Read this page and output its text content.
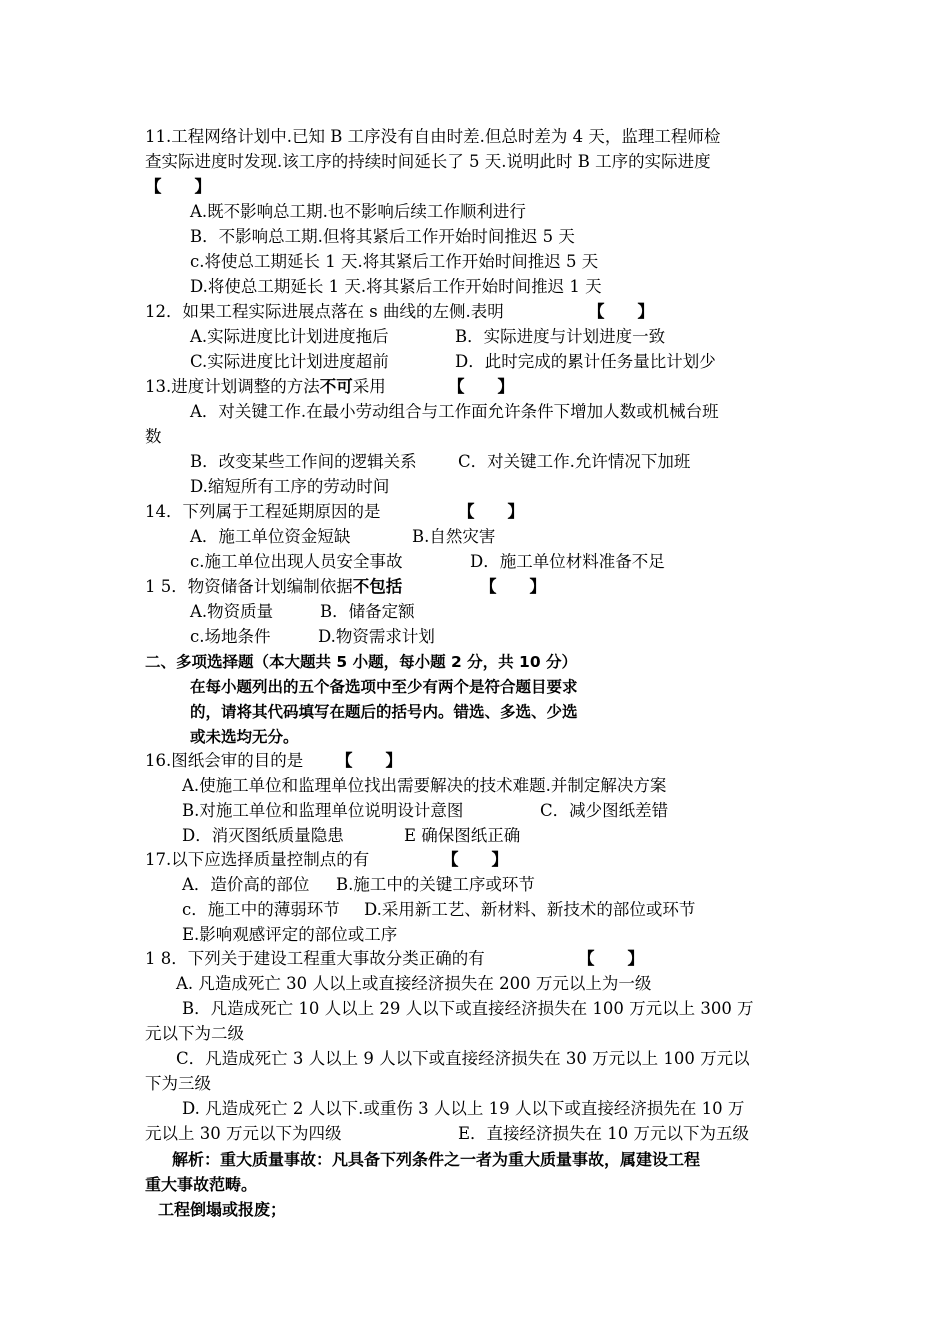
11.工程网络计划中.已知 B 工序没有自由时差.但总时差为 4 天，监理工程师检
查实际进度时发现.该工序的持续时间延长了 5 天.说明此时 B 工序的实际进度
【　　】
A.既不影响总工期.也不影响后续工作顺利进行
B．不影响总工期.但将其紧后工作开始时间推迟 5 天
c.将使总工期延长 1 天.将其紧后工作开始时间推迟 5 天
D.将使总工期延长 1 天.将其紧后工作开始时间推迟 1 天
12．如果工程实际进展点落在 s 曲线的左侧.表明	【　　】
A.实际进度比计划进度拖后	B．实际进度与计划进度一致
C.实际进度比计划进度超前	D．此时完成的累计任务量比计划少
13.进度计划调整的方法不可采用	【　　】
A．对关键工作.在最小劳动组合与工作面允许条件下增加人数或机械台班
数
B．改变某些工作间的逻辑关系	C．对关键工作.允许情况下加班
D.缩短所有工序的劳动时间
14．下列属于工程延期原因的是	【　　】
A．施工单位资金短缺	B.自然灾害
c.施工单位出现人员安全事故	D．施工单位材料准备不足
1 5．物资储备计划编制依据不包括	【　　】
A.物资质量	B．储备定额
c.场地条件	D.物资需求计划
二、多项选择题（本大题共 5 小题，每小题 2 分，共 10 分）
在每小题列出的五个备选项中至少有两个是符合题目要求
的，请将其代码填写在题后的括号内。错选、多选、少选
或未选均无分。
16.图纸会审的目的是 【　　】
A.使施工单位和监理单位找出需要解决的技术难题.并制定解决方案
B.对施工单位和监理单位说明设计意图	C．减少图纸差错
D．消灭图纸质量隐患	E 确保图纸正确
17.以下应选择质量控制点的有	【　　】
A．造价高的部位 B.施工中的关键工序或环节
c．施工中的薄弱环节 D.采用新工艺、新材料、新技术的部位或环节
E.影响观感评定的部位或工序
1 8．下列关于建设工程重大事故分类正确的有	【　　】
A. 凡造成死亡 30 人以上或直接经济损失在 200 万元以上为一级
B．凡造成死亡 10 人以上 29 人以下或直接经济损失在 100 万元以上 300 万
元以下为二级
C．凡造成死亡 3 人以上 9 人以下或直接经济损失在 30 万元以上 100 万元以
下为三级
D. 凡造成死亡 2 人以下.或重伤 3 人以上 19 人以下或直接经济损先在 10 万
元以上 30 万元以下为四级	E．直接经济损失在 10 万元以下为五级
解析：重大质量事故：凡具备下列条件之一者为重大质量事故，属建设工程
重大事故范畴。
工程倒塌或报废；
